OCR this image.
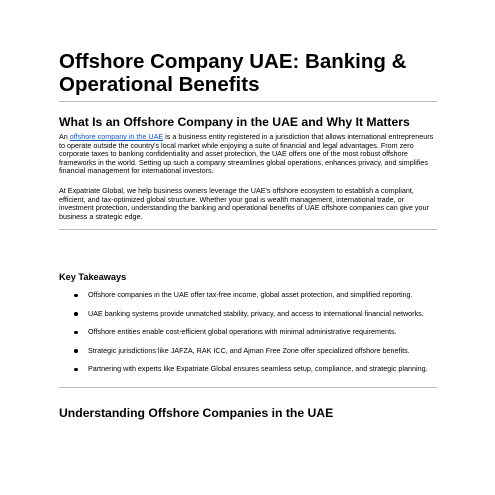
Offshore Company UAE: Banking & Operational Benefits
What Is an Offshore Company in the UAE and Why It Matters

An offshore company in the UAE is a business entity registered in a jurisdiction that allows international entrepreneurs to operate outside the country's local market while enjoying a suite of financial and legal advantages. From zero corporate taxes to banking confidentiality and asset protection, the UAE offers one of the most robust offshore frameworks in the world. Setting up such a company streamlines global operations, enhances privacy, and simplifies financial management for international investors.

At Expatriate Global, we help business owners leverage the UAE's offshore ecosystem to establish a compliant, efficient, and tax-optimized global structure. Whether your goal is wealth management, international trade, or investment protection, understanding the banking and operational benefits of UAE offshore companies can give your business a strategic edge.

Key Takeaways
Offshore companies in the UAE offer tax-free income, global asset protection, and simplified reporting.
UAE banking systems provide unmatched stability, privacy, and access to international financial networks.
Offshore entities enable cost-efficient global operations with minimal administrative requirements.
Strategic jurisdictions like JAFZA, RAK ICC, and Ajman Free Zone offer specialized offshore benefits.
Partnering with experts like Expatriate Global ensures seamless setup, compliance, and strategic planning.
Understanding Offshore Companies in the UAE
